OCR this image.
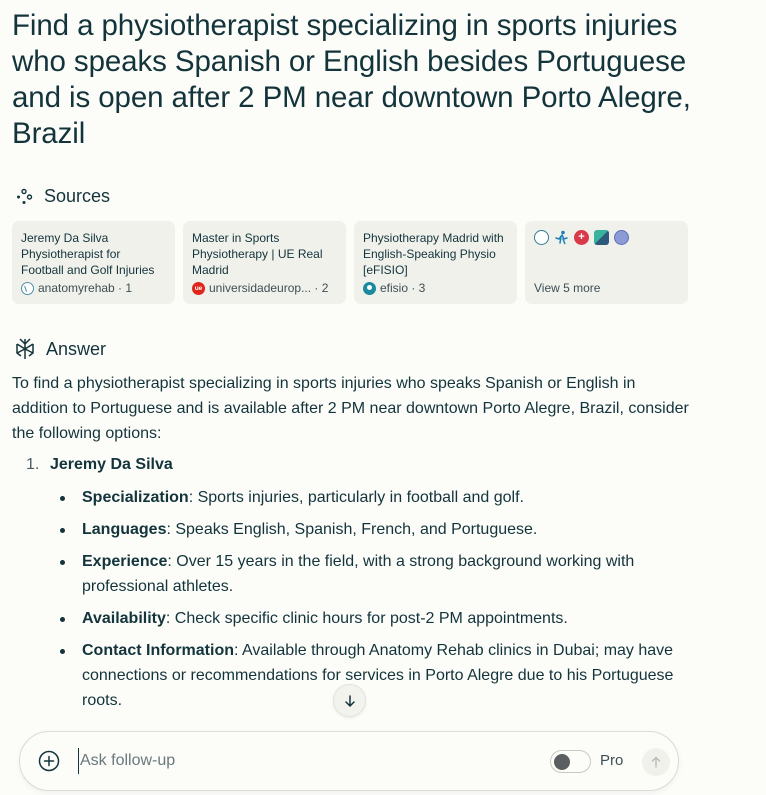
Find a physiotherapist specializing in sports injuries who speaks Spanish or English besides Portuguese and is open after 2 PM near downtown Porto Alegre, Brazil
Sources
Jeremy Da Silva Physiotherapist for Football and Golf Injuries
anatomyrehab · 1
Master in Sports Physiotherapy | UE Real Madrid
ue universidadeurop... · 2
Physiotherapy Madrid with English-Speaking Physio [eFISIO]
efisio · 3
+	View 5 more
Answer

To find a physiotherapist specializing in sports injuries who speaks Spanish or English in addition to Portuguese and is available after 2 PM near downtown Porto Alegre, Brazil, consider the following options:

1. Jeremy Da Silva
Specialization: Sports injuries, particularly in football and golf.
Languages: Speaks English, Spanish, French, and Portuguese.
Experience: Over 15 years in the field, with a strong background working with professional athletes.
Availability: Check specific clinic hours for post-2 PM appointments.
Contact Information: Available through Anatomy Rehab clinics in Dubai; may have connections or recommendations for services in Porto Alegre due to his Portuguese roots.
Ask follow-up
Pro
